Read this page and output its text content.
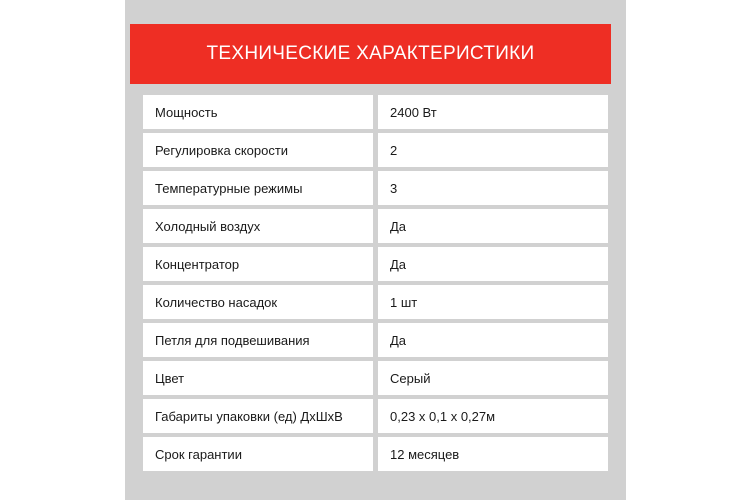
ТЕХНИЧЕСКИЕ ХАРАКТЕРИСТИКИ
Мощность	2400 Вт
Регулировка скорости	2
Температурные режимы	3
Холодный воздух	Да
Концентратор	Да
Количество насадок	1 шт
Петля для подвешивания	Да
Цвет	Серый
Габариты упаковки (ед) ДхШхВ	0,23 х 0,1 х 0,27м
Срок гарантии	12 месяцев
